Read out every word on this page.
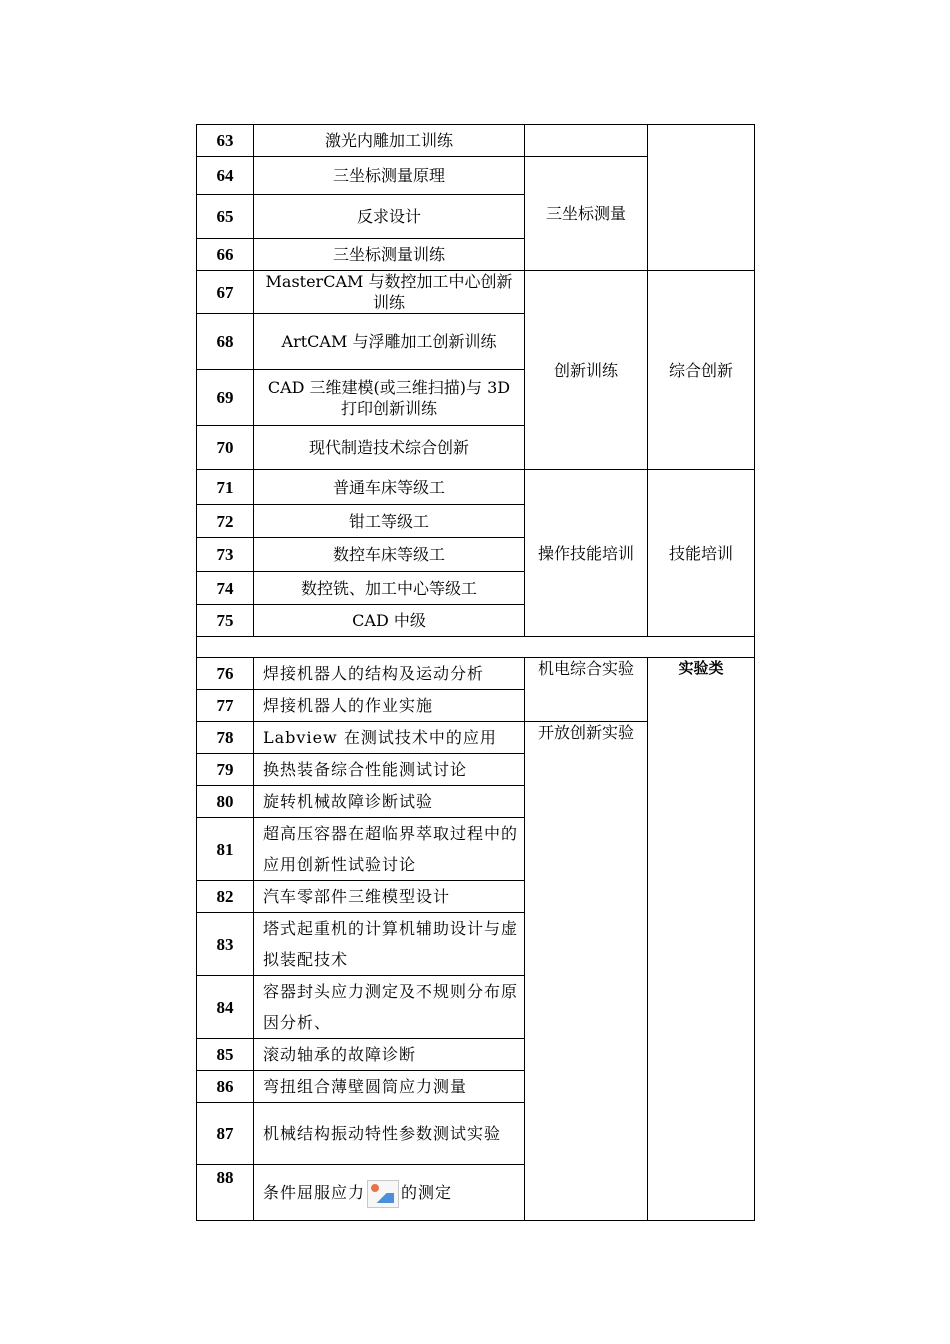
63	激光内雕加工训练		
64	三坐标测量原理	三坐标测量	
65	反求设计		
66	三坐标测量训练		
67	MasterCAM 与数控加工中心创新训练	创新训练	综合创新
68	ArtCAM 与浮雕加工创新训练		
69	CAD 三维建模(或三维扫描)与 3D 打印创新训练		
70	现代制造技术综合创新		
71	普通车床等级工	操作技能培训	技能培训
72	钳工等级工		
73	数控车床等级工		
74	数控铣、加工中心等级工		
75	CAD 中级		

76	焊接机器人的结构及运动分析	机电综合实验	实验类
77	焊接机器人的作业实施		
78	Labview 在测试技术中的应用	开放创新实验	
79	换热装备综合性能测试讨论		
80	旋转机械故障诊断试验		
81	超高压容器在超临界萃取过程中的应用创新性试验讨论		
82	汽车零部件三维模型设计		
83	塔式起重机的计算机辅助设计与虚拟装配技术		
84	容器封头应力测定及不规则分布原因分析、		
85	滚动轴承的故障诊断		
86	弯扭组合薄壁圆筒应力测量		
87	机械结构振动特性参数测试实验		
88	条件屈服应力 的测定		
